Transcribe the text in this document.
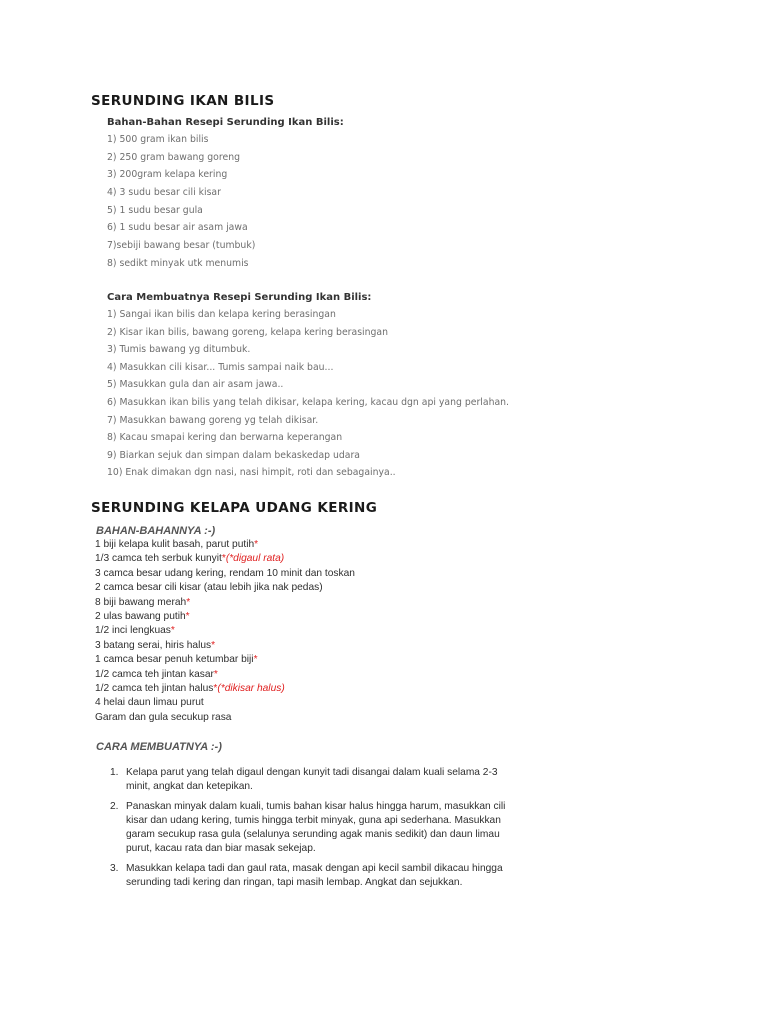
SERUNDING IKAN BILIS

Bahan-Bahan Resepi Serunding Ikan Bilis:

1) 500 gram ikan bilis
2) 250 gram bawang goreng
3) 200gram kelapa kering
4) 3 sudu besar cili kisar
5) 1 sudu besar gula
6) 1 sudu besar air asam jawa
7)sebiji bawang besar (tumbuk)
8) sedikt minyak utk menumis

Cara Membuatnya Resepi Serunding Ikan Bilis:

1) Sangai ikan bilis dan kelapa kering berasingan
2) Kisar ikan bilis, bawang goreng, kelapa kering berasingan
3) Tumis bawang yg ditumbuk.
4) Masukkan cili kisar... Tumis sampai naik bau...
5) Masukkan gula dan air asam jawa..
6) Masukkan ikan bilis yang telah dikisar, kelapa kering, kacau dgn api yang perlahan.
7) Masukkan bawang goreng yg telah dikisar.
8) Kacau smapai kering dan berwarna keperangan
9) Biarkan sejuk dan simpan dalam bekaskedap udara
10) Enak dimakan dgn nasi, nasi himpit, roti dan sebagainya..
SERUNDING KELAPA UDANG KERING

BAHAN-BAHANNYA :-)

1 biji kelapa kulit basah, parut putih*
1/3 camca teh serbuk kunyit*(*digaul rata)
3 camca besar udang kering, rendam 10 minit dan toskan
2 camca besar cili kisar (atau lebih jika nak pedas)
8 biji bawang merah*
2 ulas bawang putih*
1/2 inci lengkuas*
3 batang serai, hiris halus*
1 camca besar penuh ketumbar biji*
1/2 camca teh jintan kasar*
1/2 camca teh jintan halus*(*dikisar halus)
4 helai daun limau purut
Garam dan gula secukup rasa

CARA MEMBUATNYA :-)

1. Kelapa parut yang telah digaul dengan kunyit tadi disangai dalam kuali selama 2-3 minit, angkat dan ketepikan.
2. Panaskan minyak dalam kuali, tumis bahan kisar halus hingga harum, masukkan cili kisar dan udang kering, tumis hingga terbit minyak, guna api sederhana. Masukkan garam secukup rasa gula (selalunya serunding agak manis sedikit) dan daun limau purut, kacau rata dan biar masak sekejap.
3. Masukkan kelapa tadi dan gaul rata, masak dengan api kecil sambil dikacau hingga serunding tadi kering dan ringan, tapi masih lembap. Angkat dan sejukkan.
